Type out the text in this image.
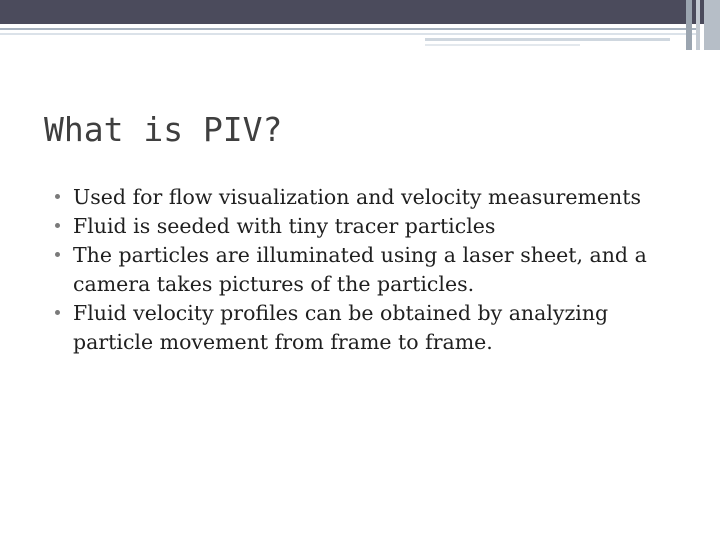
What is PIV?
Used for flow visualization and velocity measurements
Fluid is seeded with tiny tracer particles
The particles are illuminated using a laser sheet, and a camera takes pictures of the particles.
Fluid velocity profiles can be obtained by analyzing particle movement from frame to frame.
